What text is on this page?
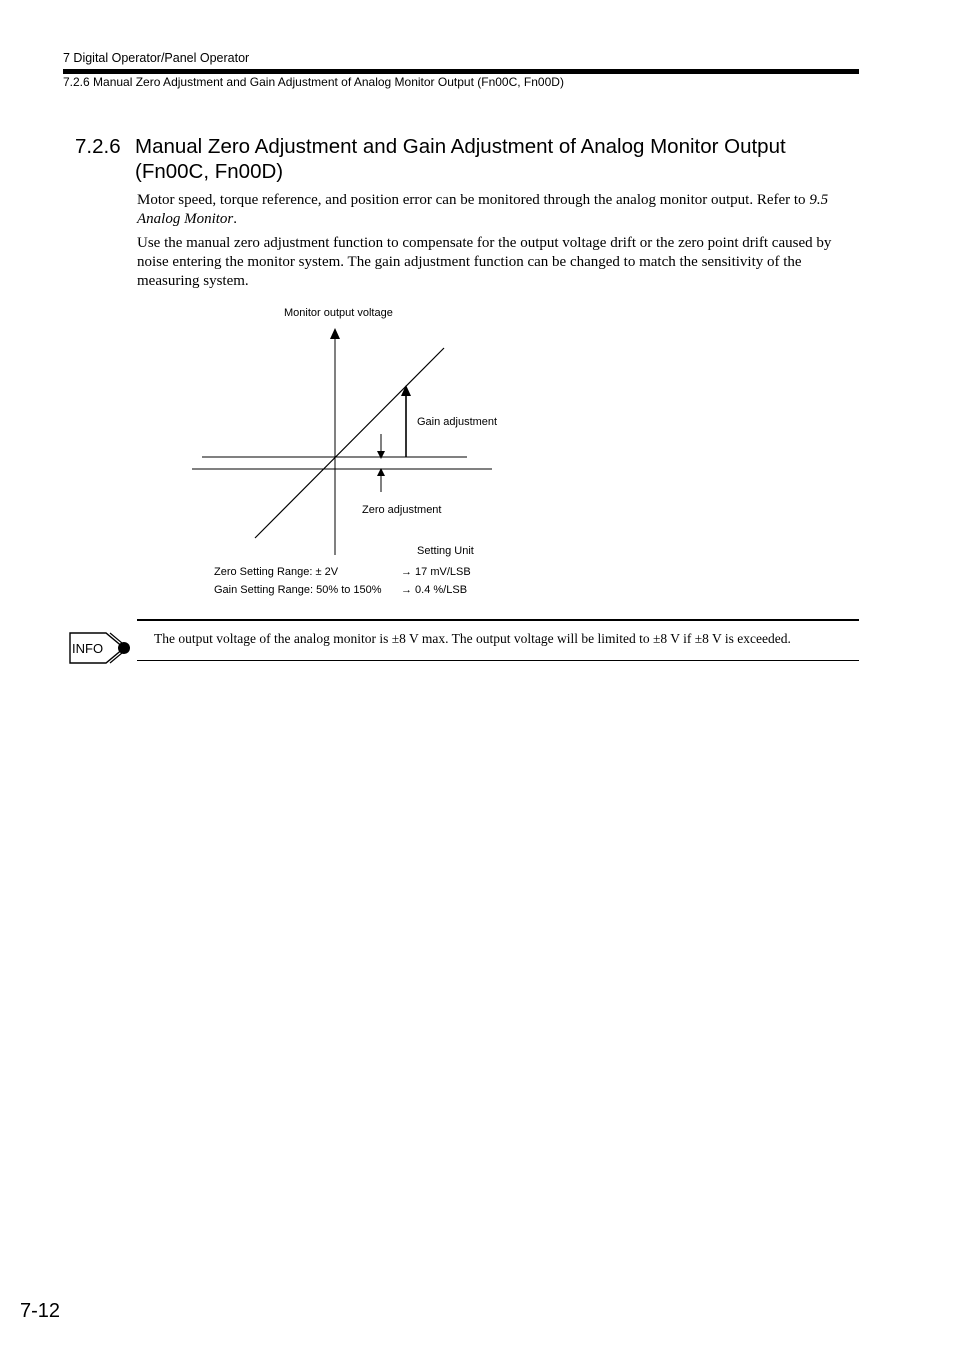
7 Digital Operator/Panel Operator
7.2.6 Manual Zero Adjustment and Gain Adjustment of Analog Monitor Output (Fn00C, Fn00D)
7.2.6 Manual Zero Adjustment and Gain Adjustment of Analog Monitor Output
(Fn00C, Fn00D)
Motor speed, torque reference, and position error can be monitored through the analog monitor output. Refer to 9.5 Analog Monitor.
Use the manual zero adjustment function to compensate for the output voltage drift or the zero point drift caused by noise entering the monitor system. The gain adjustment function can be changed to match the sensitivity of the measuring system.
Monitor output voltage
Gain adjustment
Zero adjustment
Setting Unit
Zero Setting Range: ± 2V	→ 17 mV/LSB
Gain Setting Range: 50% to 150% → 0.4 %/LSB
INFO
The output voltage of the analog monitor is ±8 V max. The output voltage will be limited to ±8 V if ±8 V is exceeded.
7-12
